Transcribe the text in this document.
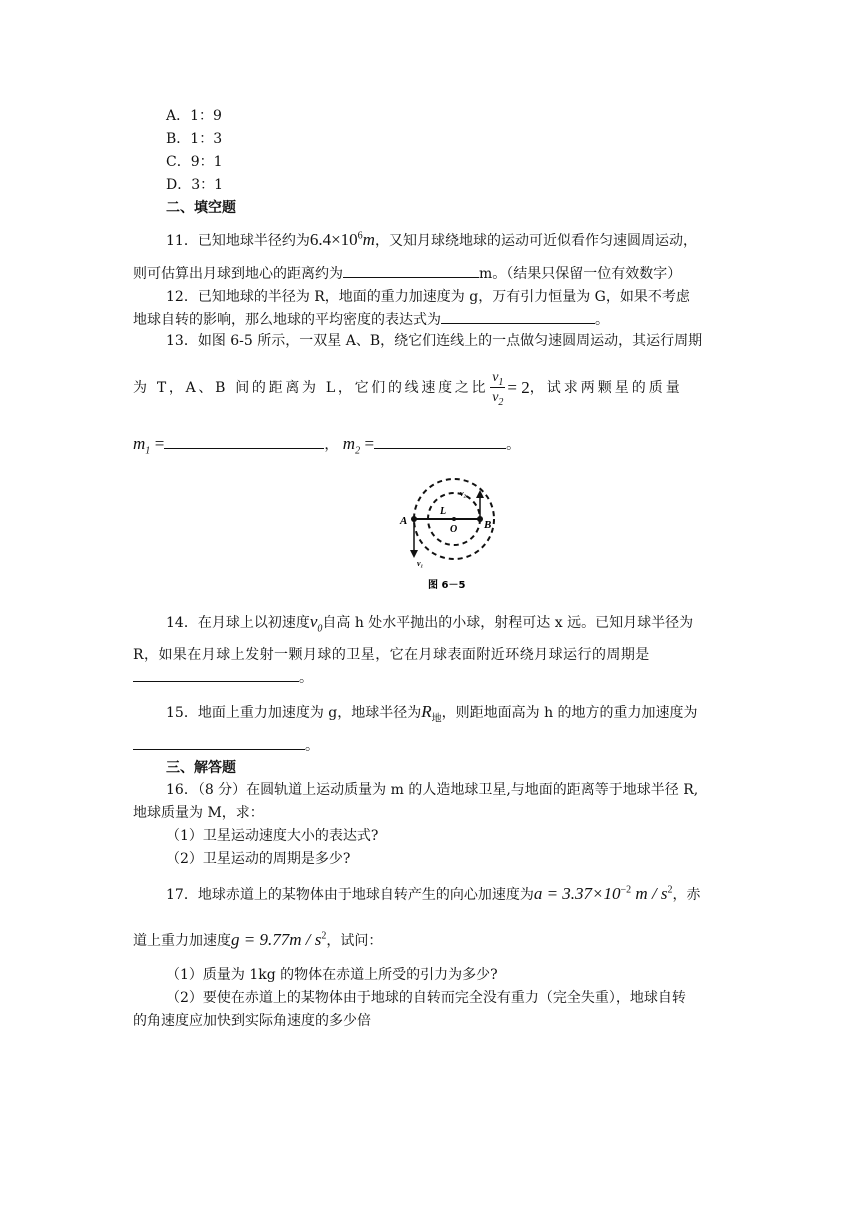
A．1：9
B．1：3
C．9：1
D．3：1
二、填空题
11．已知地球半径约为$6.4\times 10^6m$，又知月球绕地球的运动可近似看作匀速圆周运动，
则可估算出月球到地心的距离约为	m。（结果只保留一位有效数字）
12．已知地球的半径为 R，地面的重力加速度为 g，万有引力恒量为 G，如果不考虑
地球自转的影响，那么地球的平均密度的表达式为	。
13．如图 6-5 所示，一双星 A、B，绕它们连线上的一点做匀速圆周运动，其运行周期
为 T，A、B 间的距离为 L，它们的线速度之比 $\frac{v_1}{v_2} = 2$ ，试求两颗星的质量
$m_1$ =	， $m_2$ =	。
A	B
O
L
v₁
v₂
图 6－5
14．在月球上以初速度$v_0$自高 h 处水平抛出的小球，射程可达 x 远。已知月球半径为
R，如果在月球上发射一颗月球的卫星，它在月球表面附近环绕月球运行的周期是
。
15．地面上重力加速度为 g，地球半径为$R_地$，则距地面高为 h 的地方的重力加速度为
。
三、解答题
16．（8 分）在圆轨道上运动质量为 m 的人造地球卫星,与地面的距离等于地球半径 R,
地球质量为 M，求：
（1）卫星运动速度大小的表达式?
（2）卫星运动的周期是多少?
17．地球赤道上的某物体由于地球自转产生的向心加速度为$a = 3.37\times 10^{-2}$ m / $s^2$，赤
道上重力加速度$g = 9.77m / s^2$，试问：
（1）质量为 1kg 的物体在赤道上所受的引力为多少?
（2）要使在赤道上的某物体由于地球的自转而完全没有重力（完全失重），地球自转
的角速度应加快到实际角速度的多少倍
